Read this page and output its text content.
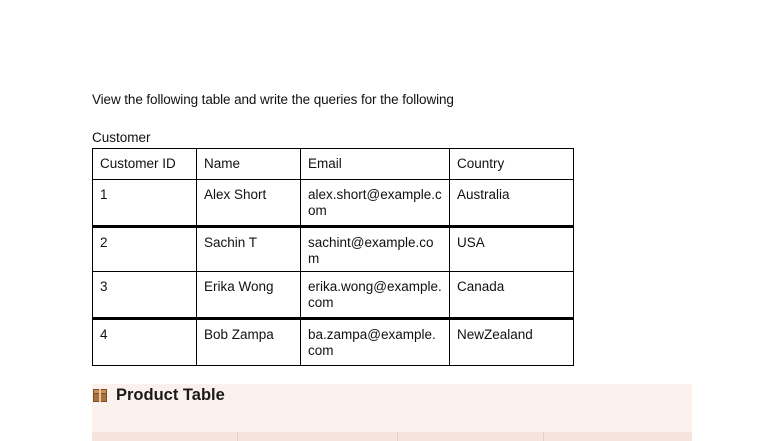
View the following table and write the queries for the following
Customer
Customer ID	Name	Email	Country
1	Alex Short	alex.short@example.com	Australia
2	Sachin T	sachint@example.com	USA
3	Erika Wong	erika.wong@example.com	Canada
4	Bob Zampa	ba.zampa@example.com	NewZealand
Product Table
